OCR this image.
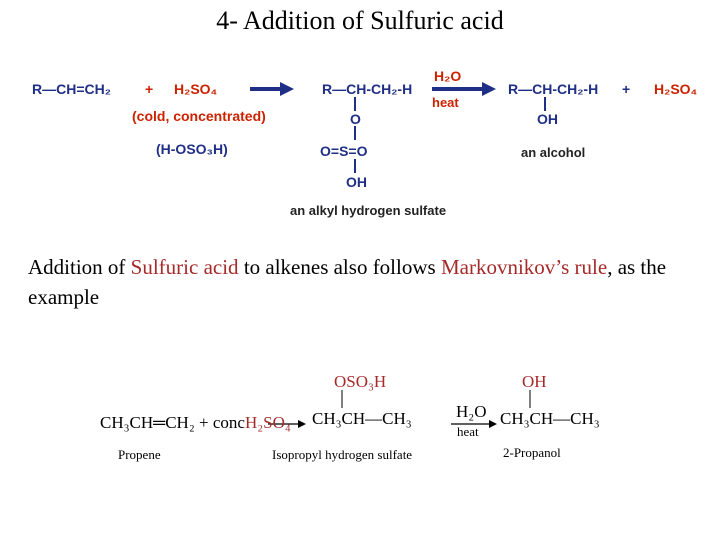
4- Addition of Sulfuric acid
R—CH=CH₂ + H₂SO₄
(cold, concentrated)
(H-OSO₃H)
R—CH‐CH₂‐H
O
O=S=O
OH
an alkyl hydrogen sulfate
H₂O
heat
R—CH‐CH₂‐H
OH
+ H₂SO₄
an alcohol
Addition of Sulfuric acid to alkenes also follows Markovnikov’s rule, as the example
CH₃CH═CH₂ + concH₂SO₄
Propene
OSO₃H
CH₃CH—CH₃
Isopropyl hydrogen sulfate
H₂O
heat
OH
CH₃CH—CH₃
2-Propanol
